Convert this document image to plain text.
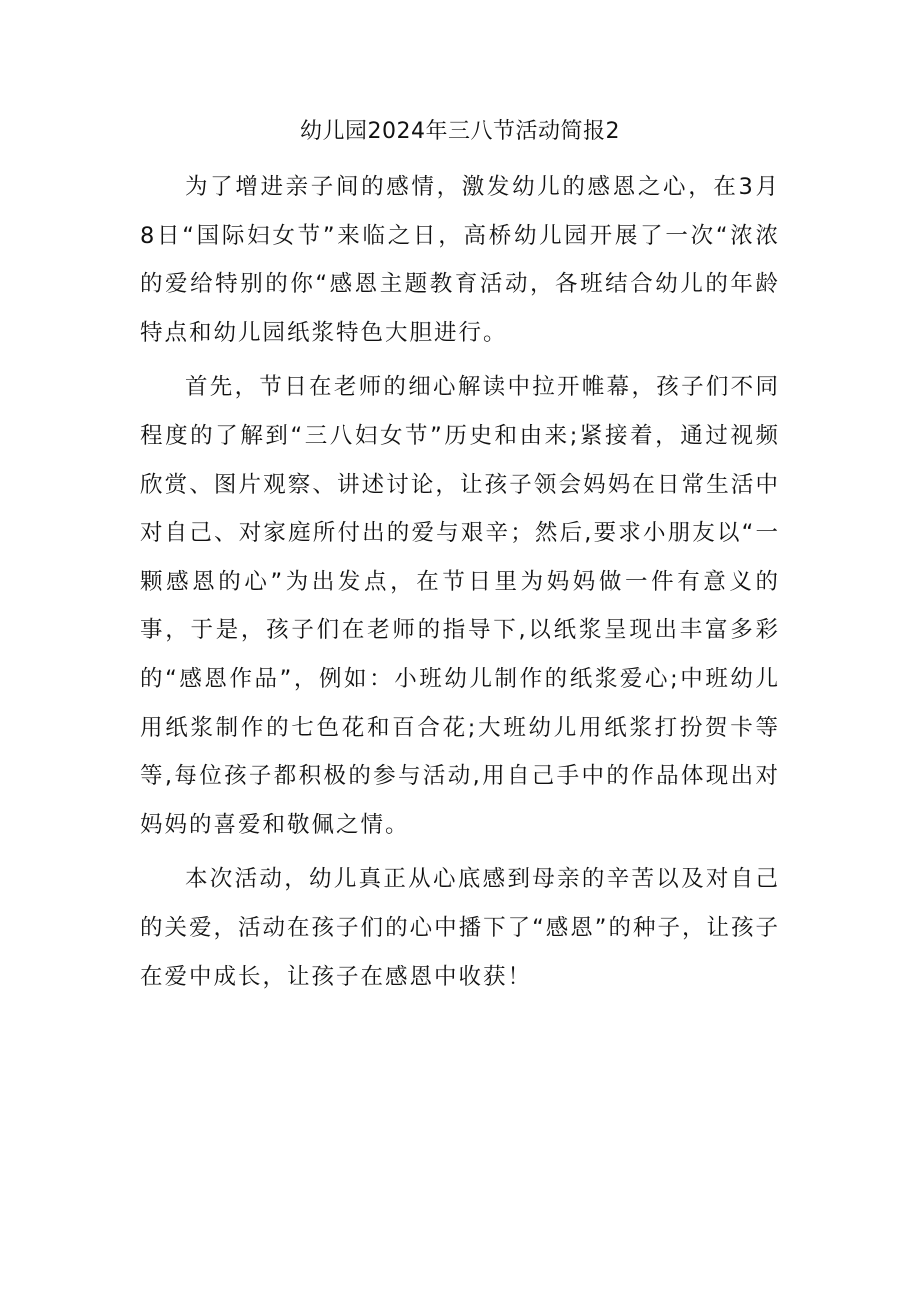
幼儿园2024年三八节活动简报2

为了增进亲子间的感情，激发幼儿的感恩之心，在3月8日“国际妇女节”来临之日，高桥幼儿园开展了一次“浓浓的爱给特别的你“感恩主题教育活动，各班结合幼儿的年龄特点和幼儿园纸浆特色大胆进行。

首先，节日在老师的细心解读中拉开帷幕，孩子们不同程度的了解到“三八妇女节”历史和由来;紧接着，通过视频欣赏、图片观察、讲述讨论，让孩子领会妈妈在日常生活中对自己、对家庭所付出的爱与艰辛；然后,要求小朋友以“一颗感恩的心”为出发点，在节日里为妈妈做一件有意义的事，于是，孩子们在老师的指导下,以纸浆呈现出丰富多彩的“感恩作品”，例如：小班幼儿制作的纸浆爱心;中班幼儿用纸浆制作的七色花和百合花;大班幼儿用纸浆打扮贺卡等等,每位孩子都积极的参与活动,用自己手中的作品体现出对妈妈的喜爱和敬佩之情。

本次活动，幼儿真正从心底感到母亲的辛苦以及对自己的关爱，活动在孩子们的心中播下了“感恩”的种子，让孩子在爱中成长，让孩子在感恩中收获！
